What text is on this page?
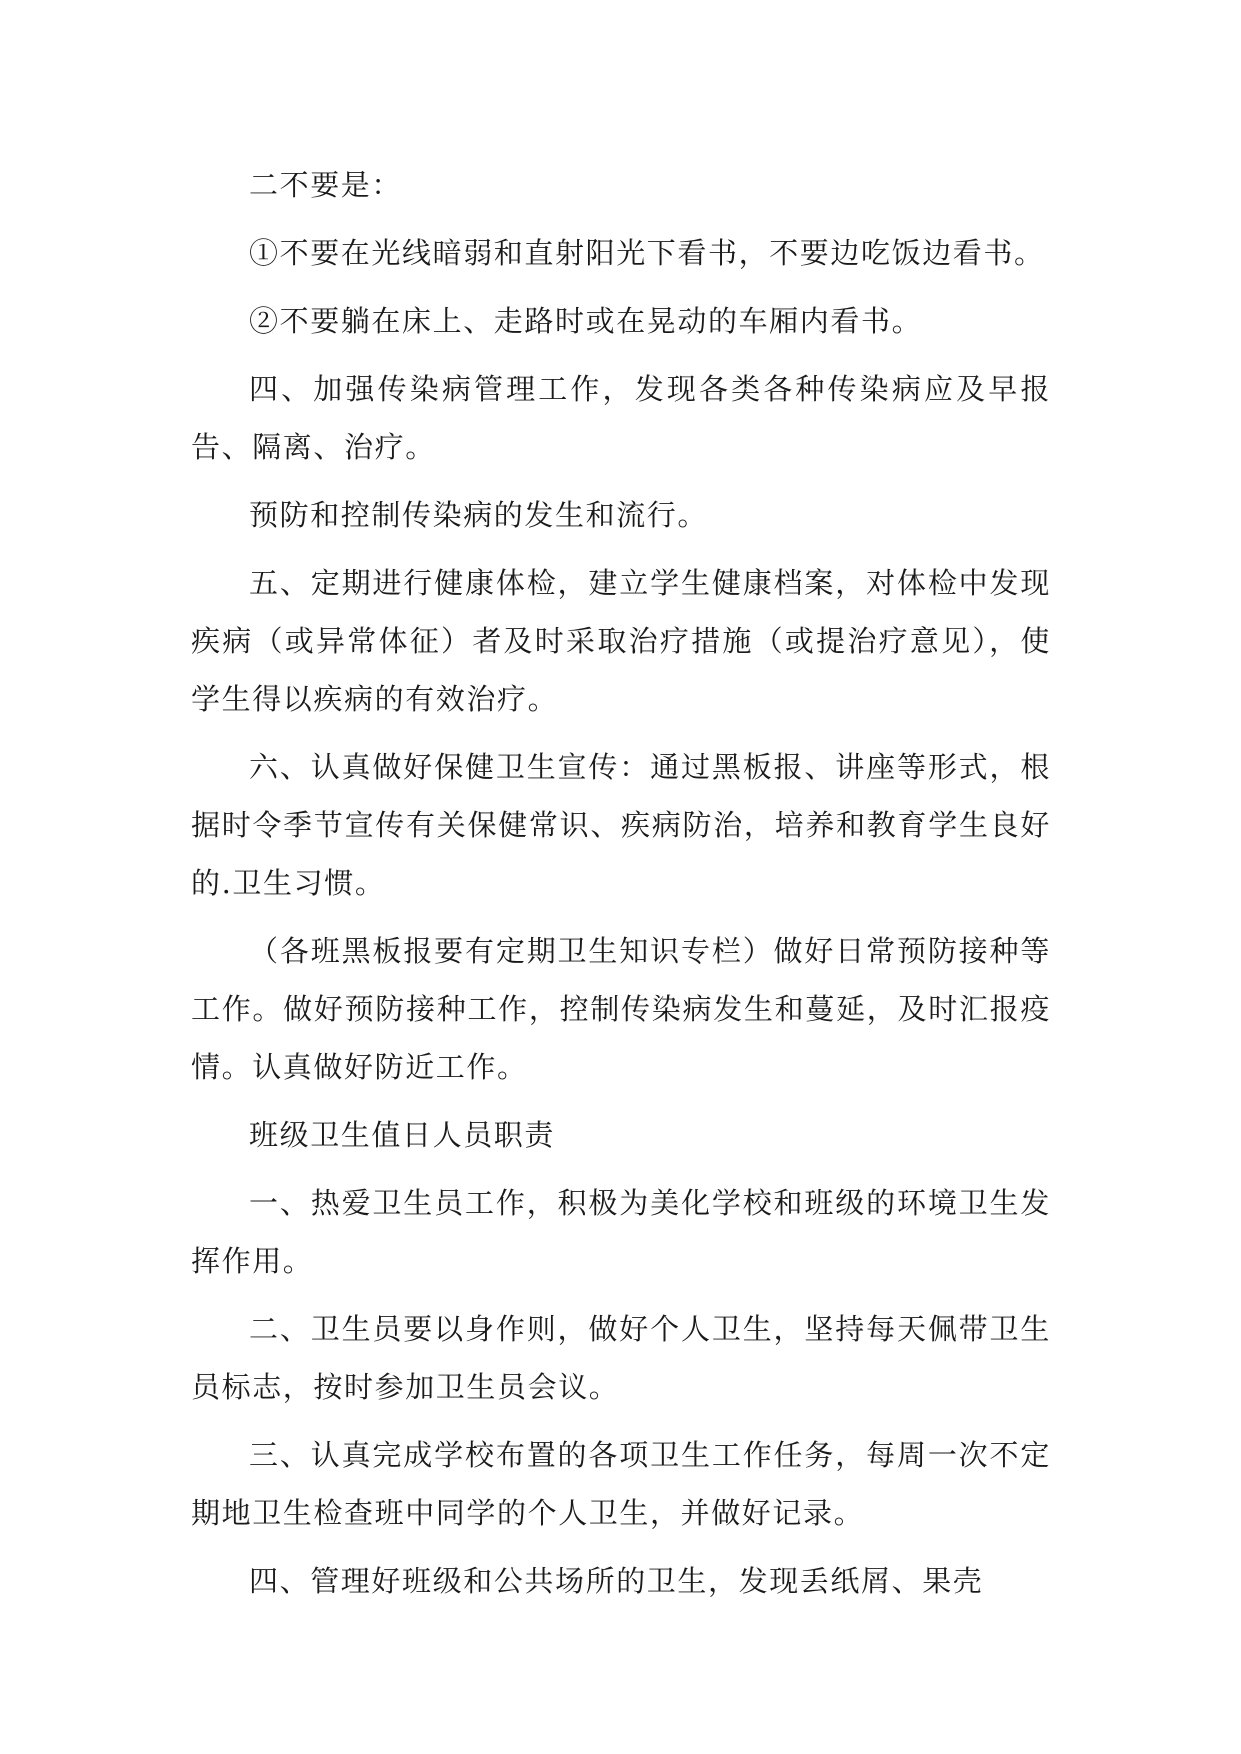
二不要是：

①不要在光线暗弱和直射阳光下看书，不要边吃饭边看书。

②不要躺在床上、走路时或在晃动的车厢内看书。

四、加强传染病管理工作，发现各类各种传染病应及早报告、隔离、治疗。

预防和控制传染病的发生和流行。

五、定期进行健康体检，建立学生健康档案，对体检中发现疾病（或异常体征）者及时采取治疗措施（或提治疗意见），使学生得以疾病的有效治疗。

六、认真做好保健卫生宣传：通过黑板报、讲座等形式，根据时令季节宣传有关保健常识、疾病防治，培养和教育学生良好的.卫生习惯。

（各班黑板报要有定期卫生知识专栏）做好日常预防接种等工作。做好预防接种工作，控制传染病发生和蔓延，及时汇报疫情。认真做好防近工作。

班级卫生值日人员职责

一、热爱卫生员工作，积极为美化学校和班级的环境卫生发挥作用。

二、卫生员要以身作则，做好个人卫生，坚持每天佩带卫生员标志，按时参加卫生员会议。

三、认真完成学校布置的各项卫生工作任务，每周一次不定期地卫生检查班中同学的个人卫生，并做好记录。

四、管理好班级和公共场所的卫生，发现丢纸屑、果壳
